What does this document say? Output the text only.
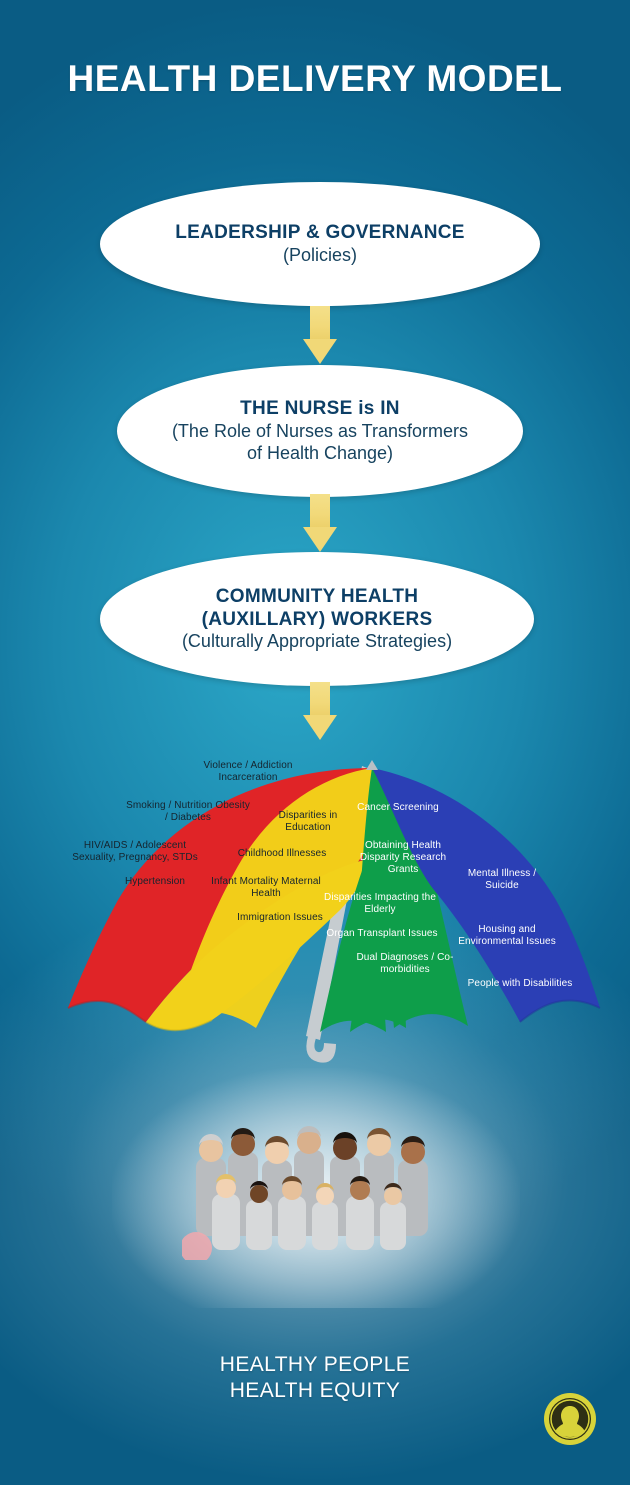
HEALTH DELIVERY MODEL
LEADERSHIP & GOVERNANCE
(Policies)
THE NURSE is IN
(The Role of Nurses as Transformers of Health Change)
COMMUNITY HEALTH
(AUXILLARY) WORKERS
(Culturally Appropriate Strategies)
Violence / Addiction Incarceration
Smoking / Nutrition Obesity / Diabetes
HIV/AIDS / Adolescent Sexuality, Pregnancy, STDs
Hypertension
Disparities in Education
Childhood Illnesses
Infant Mortality Maternal Health
Immigration Issues
Cancer Screening
Obtaining Health Disparity Research Grants
Disparities Impacting the Elderly
Organ Transplant Issues
Dual Diagnoses / Co-morbidities
Mental Illness / Suicide
Housing and Environmental Issues
People with Disabilities
HEALTHY PEOPLE
HEALTH EQUITY
